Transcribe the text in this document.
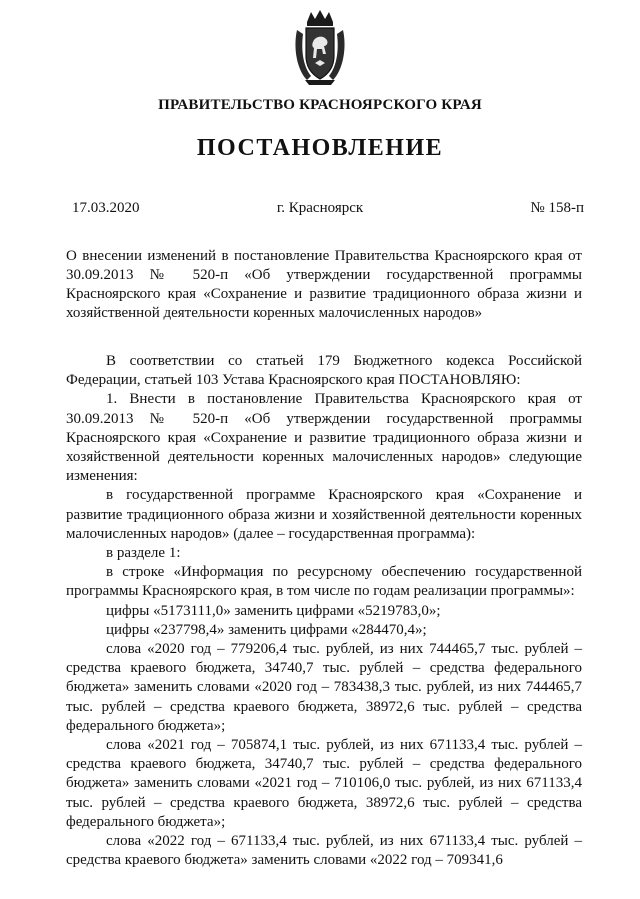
ПРАВИТЕЛЬСТВО КРАСНОЯРСКОГО КРАЯ
ПОСТАНОВЛЕНИЕ
17.03.2020	г. Красноярск	№ 158-п
О внесении изменений в постановление Правительства Красноярского края от 30.09.2013 № 520-п «Об утверждении государственной программы Красноярского края «Сохранение и развитие традиционного образа жизни и хозяйственной деятельности коренных малочисленных народов»

В соответствии со статьей 179 Бюджетного кодекса Российской Федерации, статьей 103 Устава Красноярского края ПОСТАНОВЛЯЮ:

1. Внести в постановление Правительства Красноярского края от 30.09.2013 № 520-п «Об утверждении государственной программы Красноярского края «Сохранение и развитие традиционного образа жизни и хозяйственной деятельности коренных малочисленных народов» следующие изменения:

в государственной программе Красноярского края «Сохранение и развитие традиционного образа жизни и хозяйственной деятельности коренных малочисленных народов» (далее – государственная программа):

в разделе 1:

в строке «Информация по ресурсному обеспечению государственной программы Красноярского края, в том числе по годам реализации программы»:

цифры «5173111,0» заменить цифрами «5219783,0»;

цифры «237798,4» заменить цифрами «284470,4»;

слова «2020 год – 779206,4 тыс. рублей, из них 744465,7 тыс. рублей – средства краевого бюджета, 34740,7 тыс. рублей – средства федерального бюджета» заменить словами «2020 год – 783438,3 тыс. рублей, из них 744465,7 тыс. рублей – средства краевого бюджета, 38972,6 тыс. рублей – средства федерального бюджета»;

слова «2021 год – 705874,1 тыс. рублей, из них 671133,4 тыс. рублей – средства краевого бюджета, 34740,7 тыс. рублей – средства федерального бюджета» заменить словами «2021 год – 710106,0 тыс. рублей, из них 671133,4 тыс. рублей – средства краевого бюджета, 38972,6 тыс. рублей – средства федерального бюджета»;

слова «2022 год – 671133,4 тыс. рублей, из них 671133,4 тыс. рублей – средства краевого бюджета» заменить словами «2022 год – 709341,6
